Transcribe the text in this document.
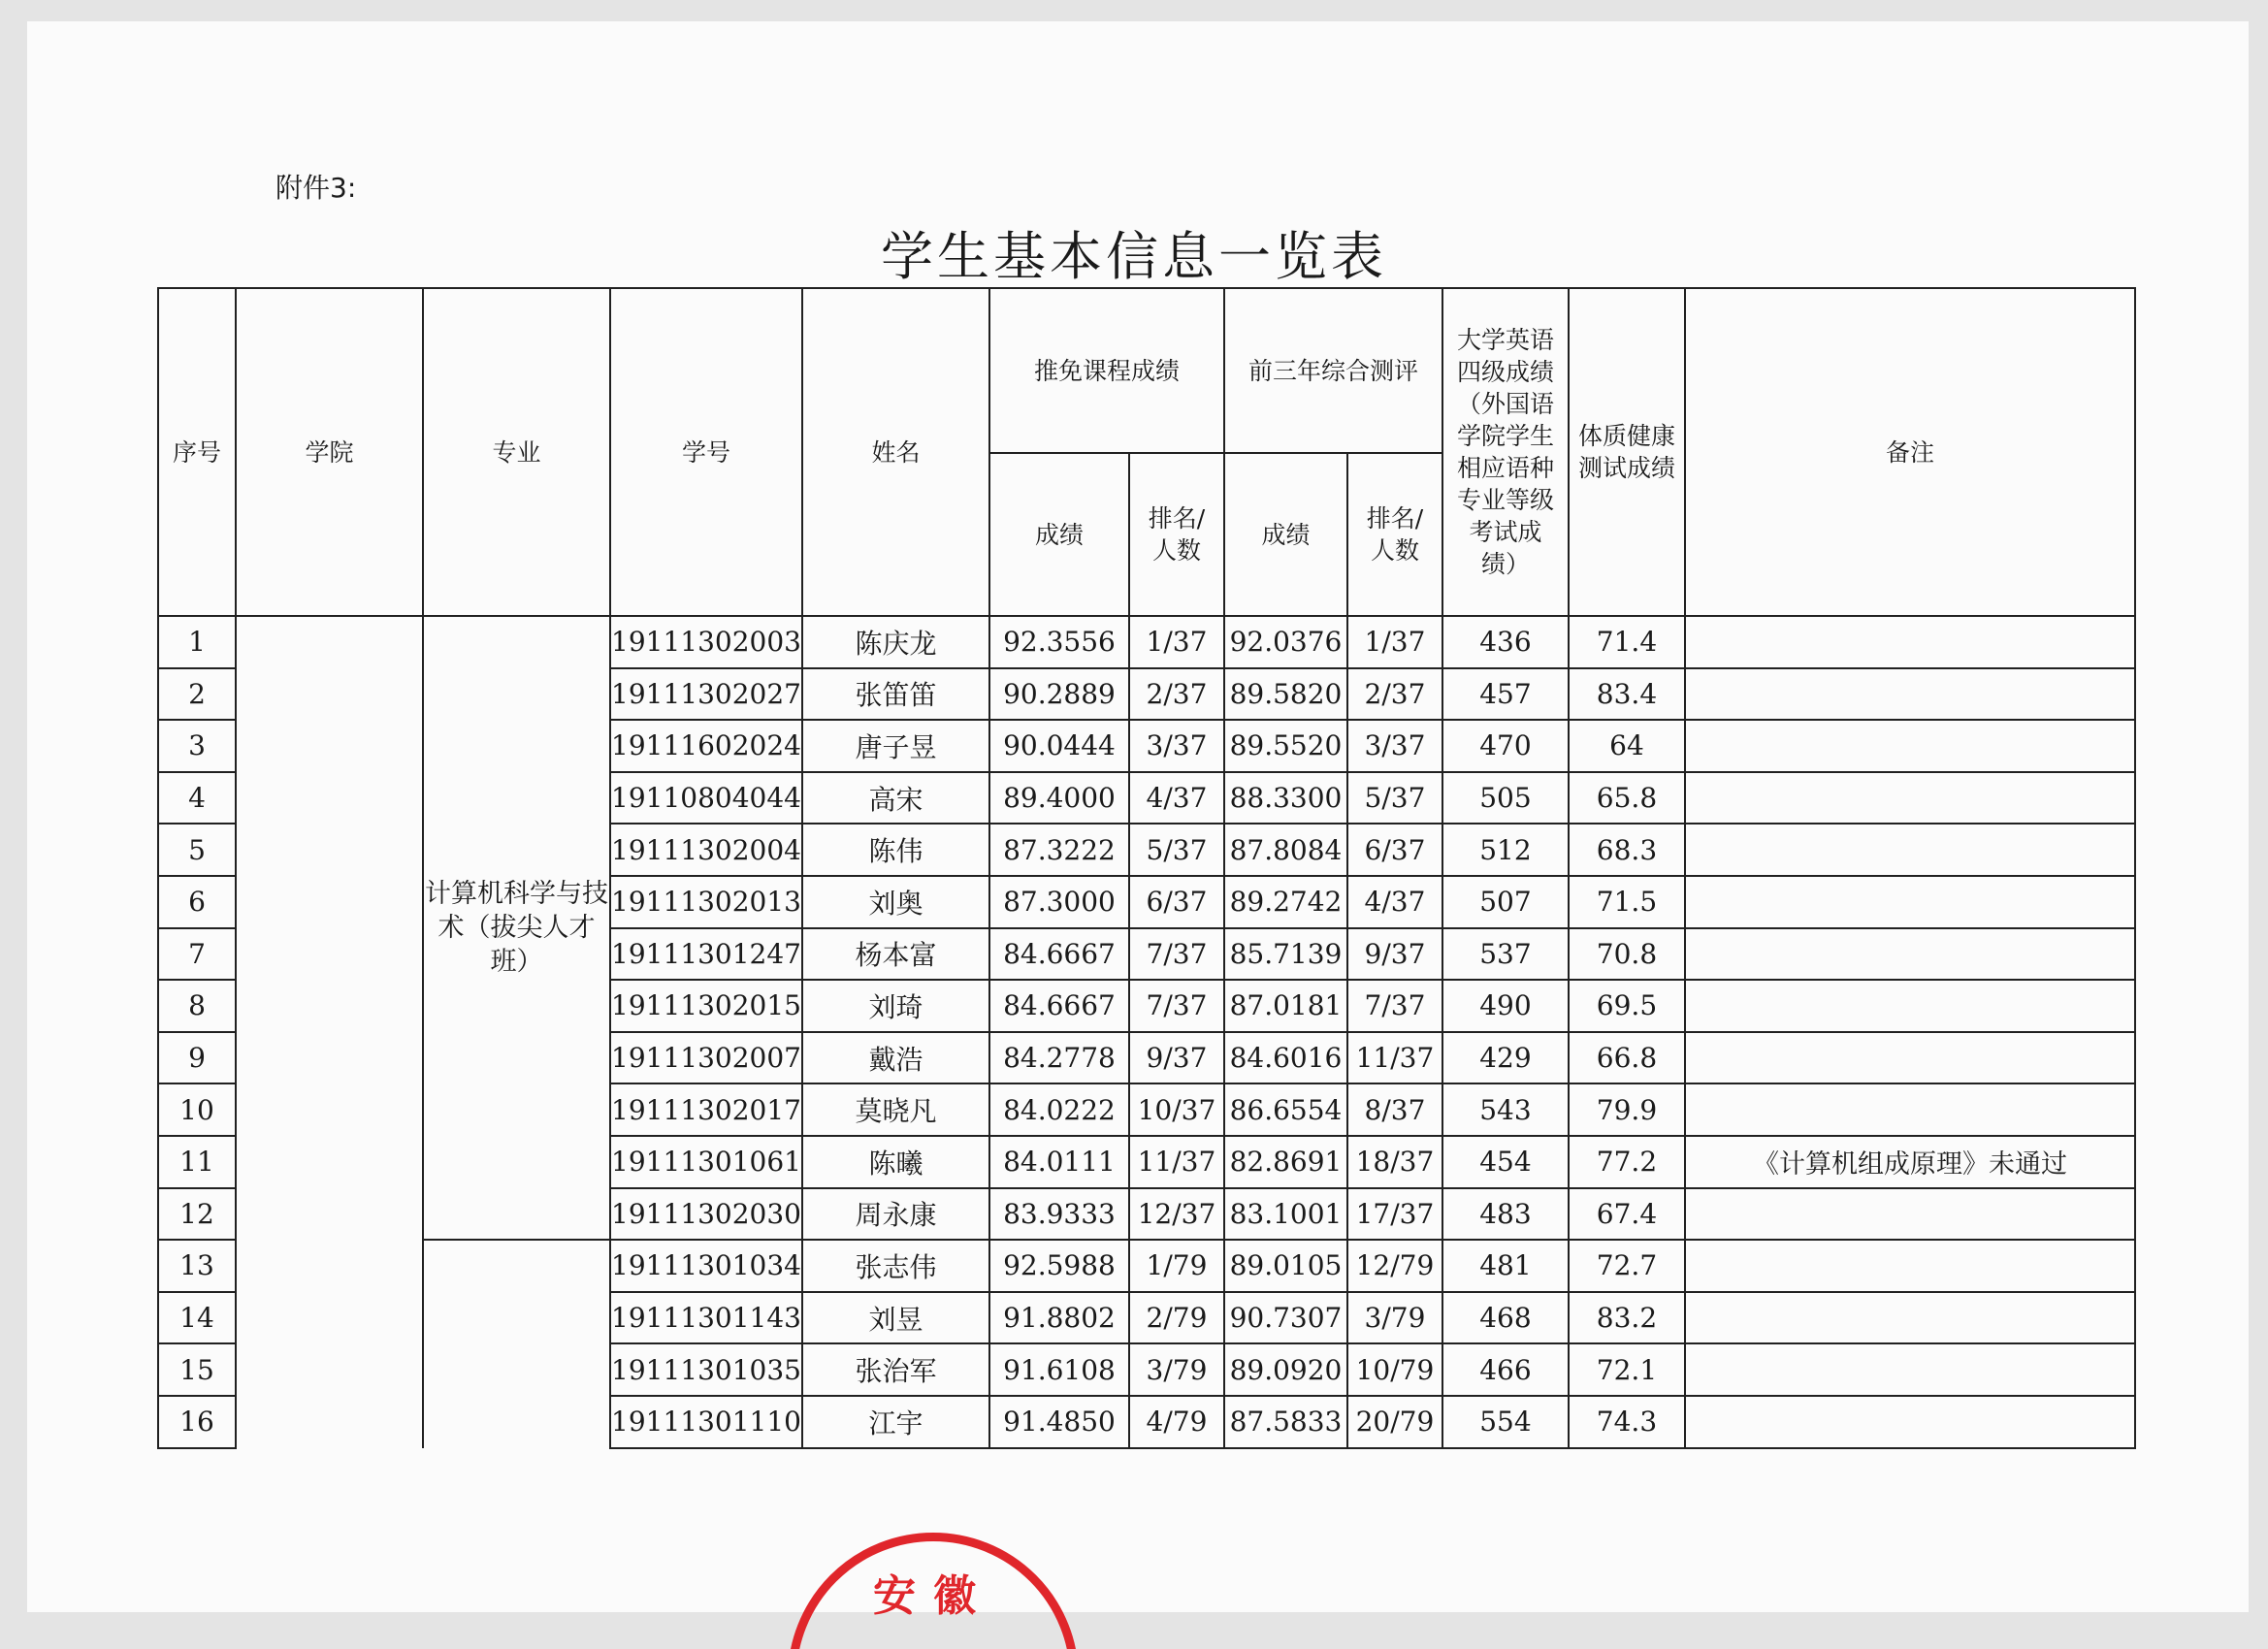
附件3:
学生基本信息一览表
序号	学院	专业	学号	姓名	推免课程成绩		前三年综合测评		大学英语四级成绩（外国语学院学生相应语种专业等级考试成绩）	体质健康测试成绩	备注
					成绩	排名/人数	成绩	排名/人数			
1		计算机科学与技术（拔尖人才班）	19111302003	陈庆龙	92.3556	1/37	92.0376	1/37	436	71.4	
2			19111302027	张笛笛	90.2889	2/37	89.5820	2/37	457	83.4	
3			19111602024	唐子昱	90.0444	3/37	89.5520	3/37	470	64	
4			19110804044	高宋	89.4000	4/37	88.3300	5/37	505	65.8	
5			19111302004	陈伟	87.3222	5/37	87.8084	6/37	512	68.3	
6			19111302013	刘奥	87.3000	6/37	89.2742	4/37	507	71.5	
7			19111301247	杨本富	84.6667	7/37	85.7139	9/37	537	70.8	
8			19111302015	刘琦	84.6667	7/37	87.0181	7/37	490	69.5	
9			19111302007	戴浩	84.2778	9/37	84.6016	11/37	429	66.8	
10			19111302017	莫晓凡	84.0222	10/37	86.6554	8/37	543	79.9	
11			19111301061	陈曦	84.0111	11/37	82.8691	18/37	454	77.2	《计算机组成原理》未通过
12			19111302030	周永康	83.9333	12/37	83.1001	17/37	483	67.4	
13			19111301034	张志伟	92.5988	1/79	89.0105	12/79	481	72.7	
14			19111301143	刘昱	91.8802	2/79	90.7307	3/79	468	83.2	
15			19111301035	张治军	91.6108	3/79	89.0920	10/79	466	72.1	
16			19111301110	江宇	91.4850	4/79	87.5833	20/79	554	74.3	
安徽
